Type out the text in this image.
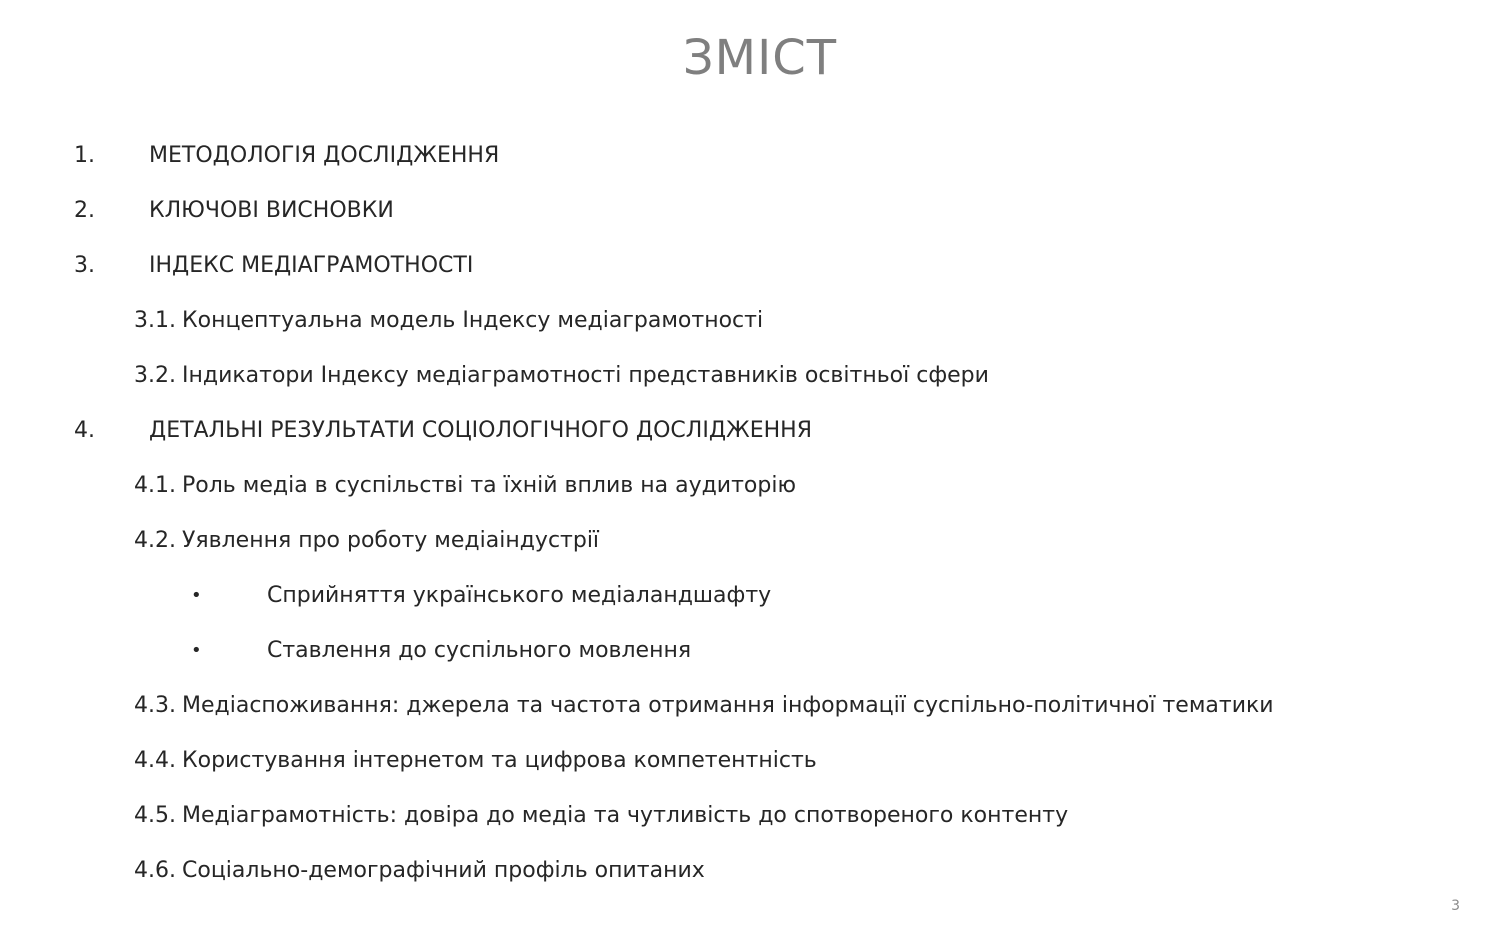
ЗМІСТ
1. МЕТОДОЛОГІЯ ДОСЛІДЖЕННЯ
2. КЛЮЧОВІ ВИСНОВКИ
3. ІНДЕКС МЕДІАГРАМОТНОСТІ
3.1. Концептуальна модель Індексу медіаграмотності
3.2. Індикатори Індексу медіаграмотності представників освітньої сфери
4. ДЕТАЛЬНІ РЕЗУЛЬТАТИ СОЦІОЛОГІЧНОГО ДОСЛІДЖЕННЯ
4.1. Роль медіа в суспільстві та їхній вплив на аудиторію
4.2. Уявлення про роботу медіаіндустрії
•	Сприйняття українського медіаландшафту
•	Ставлення до суспільного мовлення
4.3. Медіаспоживання: джерела та частота отримання інформації суспільно-політичної тематики
4.4. Користування інтернетом та цифрова компетентність
4.5. Медіаграмотність: довіра до медіа та чутливість до спотвореного контенту
4.6. Соціально-демографічний профіль опитаних
3
